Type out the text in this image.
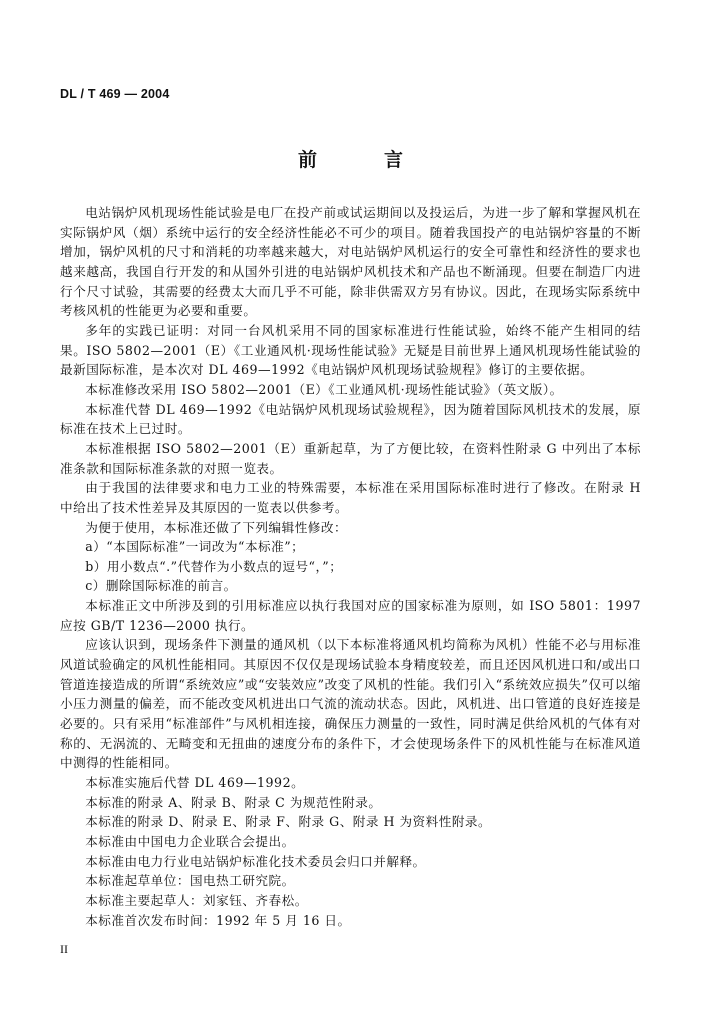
DL / T 469 — 2004
前　言

电站锅炉风机现场性能试验是电厂在投产前或试运期间以及投运后，为进一步了解和掌握风机在实际锅炉风（烟）系统中运行的安全经济性能必不可少的项目。随着我国投产的电站锅炉容量的不断增加，锅炉风机的尺寸和消耗的功率越来越大，对电站锅炉风机运行的安全可靠性和经济性的要求也越来越高，我国自行开发的和从国外引进的电站锅炉风机技术和产品也不断涌现。但要在制造厂内进行个尺寸试验，其需要的经费太大而几乎不可能，除非供需双方另有协议。因此，在现场实际系统中考核风机的性能更为必要和重要。

多年的实践已证明：对同一台风机采用不同的国家标准进行性能试验，始终不能产生相同的结果。ISO 5802—2001（E）《工业通风机·现场性能试验》无疑是目前世界上通风机现场性能试验的最新国际标准，是本次对 DL 469—1992《电站锅炉风机现场试验规程》修订的主要依据。

本标准修改采用 ISO 5802—2001（E）《工业通风机·现场性能试验》（英文版）。

本标准代替 DL 469—1992《电站锅炉风机现场试验规程》，因为随着国际风机技术的发展，原标准在技术上已过时。

本标准根据 ISO 5802—2001（E）重新起草，为了方便比较，在资料性附录 G 中列出了本标准条款和国际标准条款的对照一览表。

由于我国的法律要求和电力工业的特殊需要，本标准在采用国际标准时进行了修改。在附录 H 中给出了技术性差异及其原因的一览表以供参考。

为便于使用，本标准还做了下列编辑性修改：

a）“本国际标准”一词改为“本标准”；

b）用小数点“.”代替作为小数点的逗号“，”；

c）删除国际标准的前言。

本标准正文中所涉及到的引用标准应以执行我国对应的国家标准为原则，如 ISO 5801：1997 应按 GB/T 1236—2000 执行。

应该认识到，现场条件下测量的通风机（以下本标准将通风机均简称为风机）性能不必与用标准风道试验确定的风机性能相同。其原因不仅仅是现场试验本身精度较差，而且还因风机进口和/或出口管道连接造成的所谓“系统效应”或“安装效应”改变了风机的性能。我们引入“系统效应损失”仅可以缩小压力测量的偏差，而不能改变风机进出口气流的流动状态。因此，风机进、出口管道的良好连接是必要的。只有采用“标准部件”与风机相连接，确保压力测量的一致性，同时满足供给风机的气体有对称的、无涡流的、无畸变和无扭曲的速度分布的条件下，才会使现场条件下的风机性能与在标准风道中测得的性能相同。

本标准实施后代替 DL 469—1992。

本标准的附录 A、附录 B、附录 C 为规范性附录。

本标准的附录 D、附录 E、附录 F、附录 G、附录 H 为资料性附录。

本标准由中国电力企业联合会提出。

本标准由电力行业电站锅炉标准化技术委员会归口并解释。

本标准起草单位：国电热工研究院。

本标准主要起草人：刘家钰、齐春松。

本标准首次发布时间：1992 年 5 月 16 日。

II
